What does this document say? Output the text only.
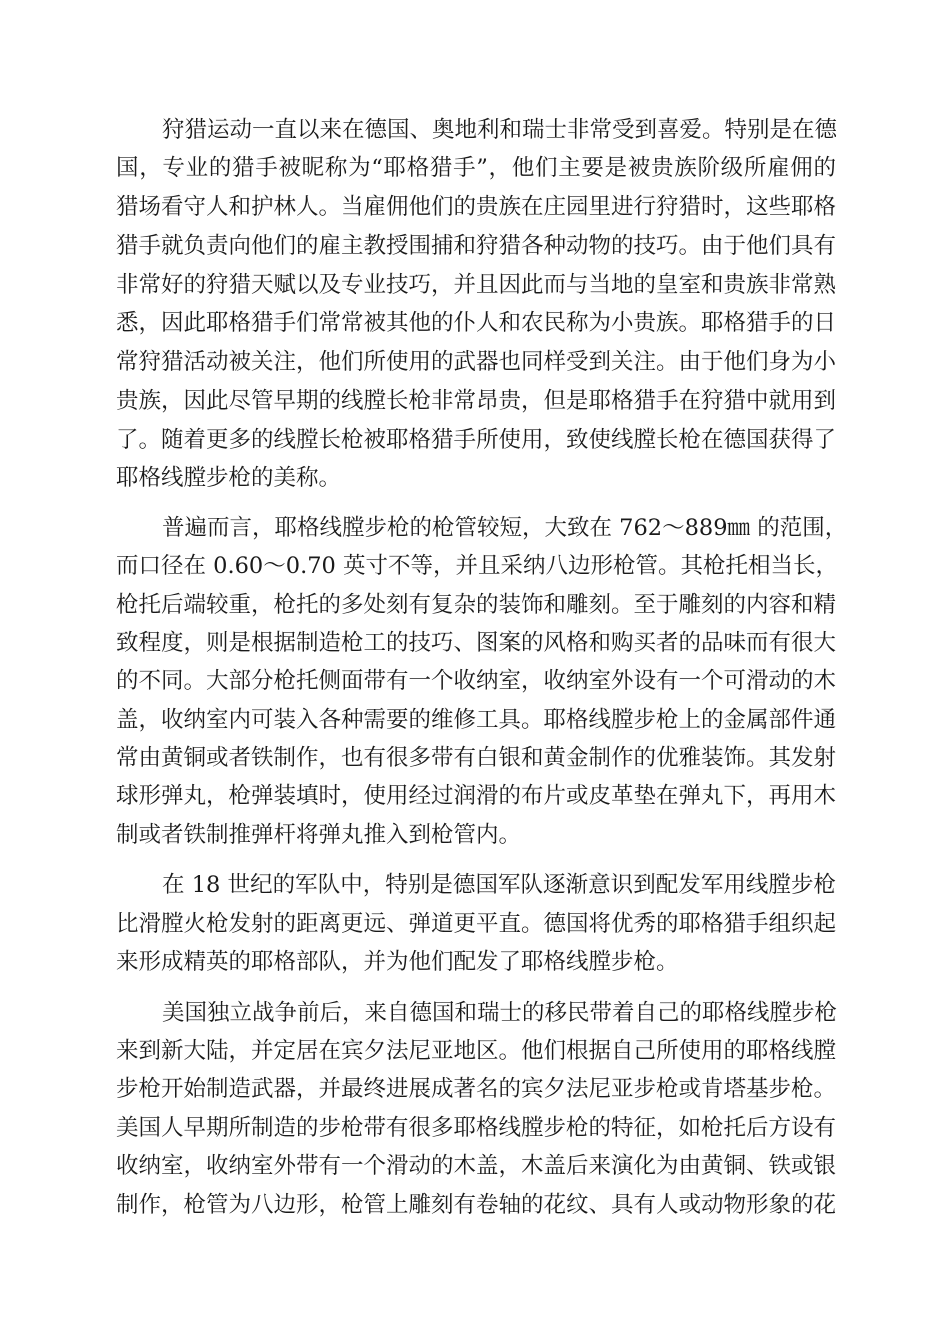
狩猎运动一直以来在德国、奥地利和瑞士非常受到喜爱。特别是在德
国，专业的猎手被昵称为“耶格猎手”，他们主要是被贵族阶级所雇佣的
猎场看守人和护林人。当雇佣他们的贵族在庄园里进行狩猎时，这些耶格
猎手就负责向他们的雇主教授围捕和狩猎各种动物的技巧。由于他们具有
非常好的狩猎天赋以及专业技巧，并且因此而与当地的皇室和贵族非常熟
悉，因此耶格猎手们常常被其他的仆人和农民称为小贵族。耶格猎手的日
常狩猎活动被关注，他们所使用的武器也同样受到关注。由于他们身为小
贵族，因此尽管早期的线膛长枪非常昂贵，但是耶格猎手在狩猎中就用到
了。随着更多的线膛长枪被耶格猎手所使用，致使线膛长枪在德国获得了
耶格线膛步枪的美称。
普遍而言，耶格线膛步枪的枪管较短，大致在 762～889㎜ 的范围，
而口径在 0.60～0.70 英寸不等，并且采纳八边形枪管。其枪托相当长，
枪托后端较重，枪托的多处刻有复杂的装饰和雕刻。至于雕刻的内容和精
致程度，则是根据制造枪工的技巧、图案的风格和购买者的品味而有很大
的不同。大部分枪托侧面带有一个收纳室，收纳室外设有一个可滑动的木
盖，收纳室内可装入各种需要的维修工具。耶格线膛步枪上的金属部件通
常由黄铜或者铁制作，也有很多带有白银和黄金制作的优雅装饰。其发射
球形弹丸，枪弹装填时，使用经过润滑的布片或皮革垫在弹丸下，再用木
制或者铁制推弹杆将弹丸推入到枪管内。
在 18 世纪的军队中，特别是德国军队逐渐意识到配发军用线膛步枪
比滑膛火枪发射的距离更远、弹道更平直。德国将优秀的耶格猎手组织起
来形成精英的耶格部队，并为他们配发了耶格线膛步枪。
美国独立战争前后，来自德国和瑞士的移民带着自己的耶格线膛步枪
来到新大陆，并定居在宾夕法尼亚地区。他们根据自己所使用的耶格线膛
步枪开始制造武器，并最终进展成著名的宾夕法尼亚步枪或肯塔基步枪。
美国人早期所制造的步枪带有很多耶格线膛步枪的特征，如枪托后方设有
收纳室，收纳室外带有一个滑动的木盖，木盖后来演化为由黄铜、铁或银
制作，枪管为八边形，枪管上雕刻有卷轴的花纹、具有人或动物形象的花
